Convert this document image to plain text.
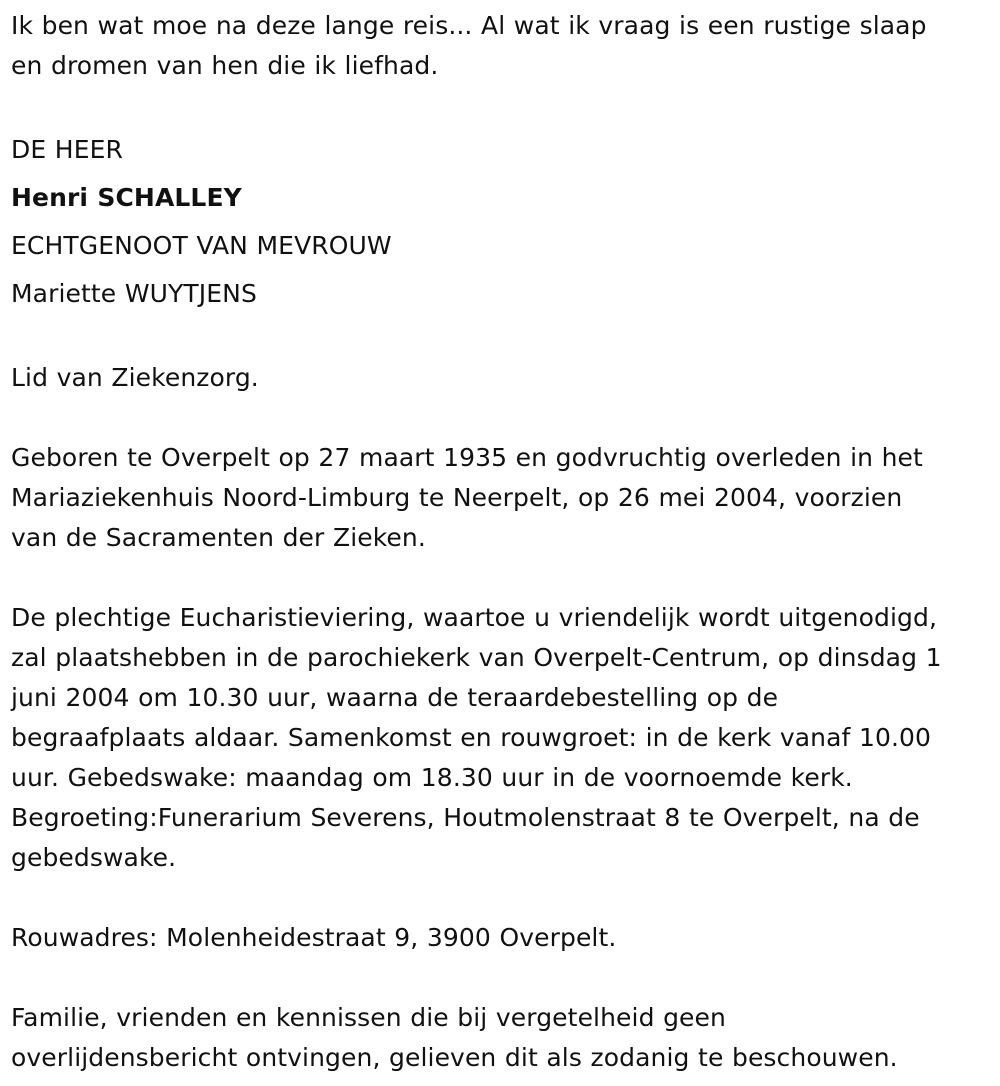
Ik ben wat moe na deze lange reis... Al wat ik vraag is een rustige slaap
en dromen van hen die ik liefhad.

DE HEER
Henri SCHALLEY
ECHTGENOOT VAN MEVROUW
Mariette WUYTJENS

Lid van Ziekenzorg.

Geboren te Overpelt op 27 maart 1935 en godvruchtig overleden in het
Mariaziekenhuis Noord-Limburg te Neerpelt, op 26 mei 2004, voorzien
van de Sacramenten der Zieken.

De plechtige Eucharistieviering, waartoe u vriendelijk wordt uitgenodigd,
zal plaatshebben in de parochiekerk van Overpelt-Centrum, op dinsdag 1
juni 2004 om 10.30 uur, waarna de teraardebestelling op de
begraafplaats aldaar. Samenkomst en rouwgroet: in de kerk vanaf 10.00
uur. Gebedswake: maandag om 18.30 uur in de voornoemde kerk.
Begroeting:Funerarium Severens, Houtmolenstraat 8 te Overpelt, na de
gebedswake.

Rouwadres: Molenheidestraat 9, 3900 Overpelt.

Familie, vrienden en kennissen die bij vergetelheid geen
overlijdensbericht ontvingen, gelieven dit als zodanig te beschouwen.
